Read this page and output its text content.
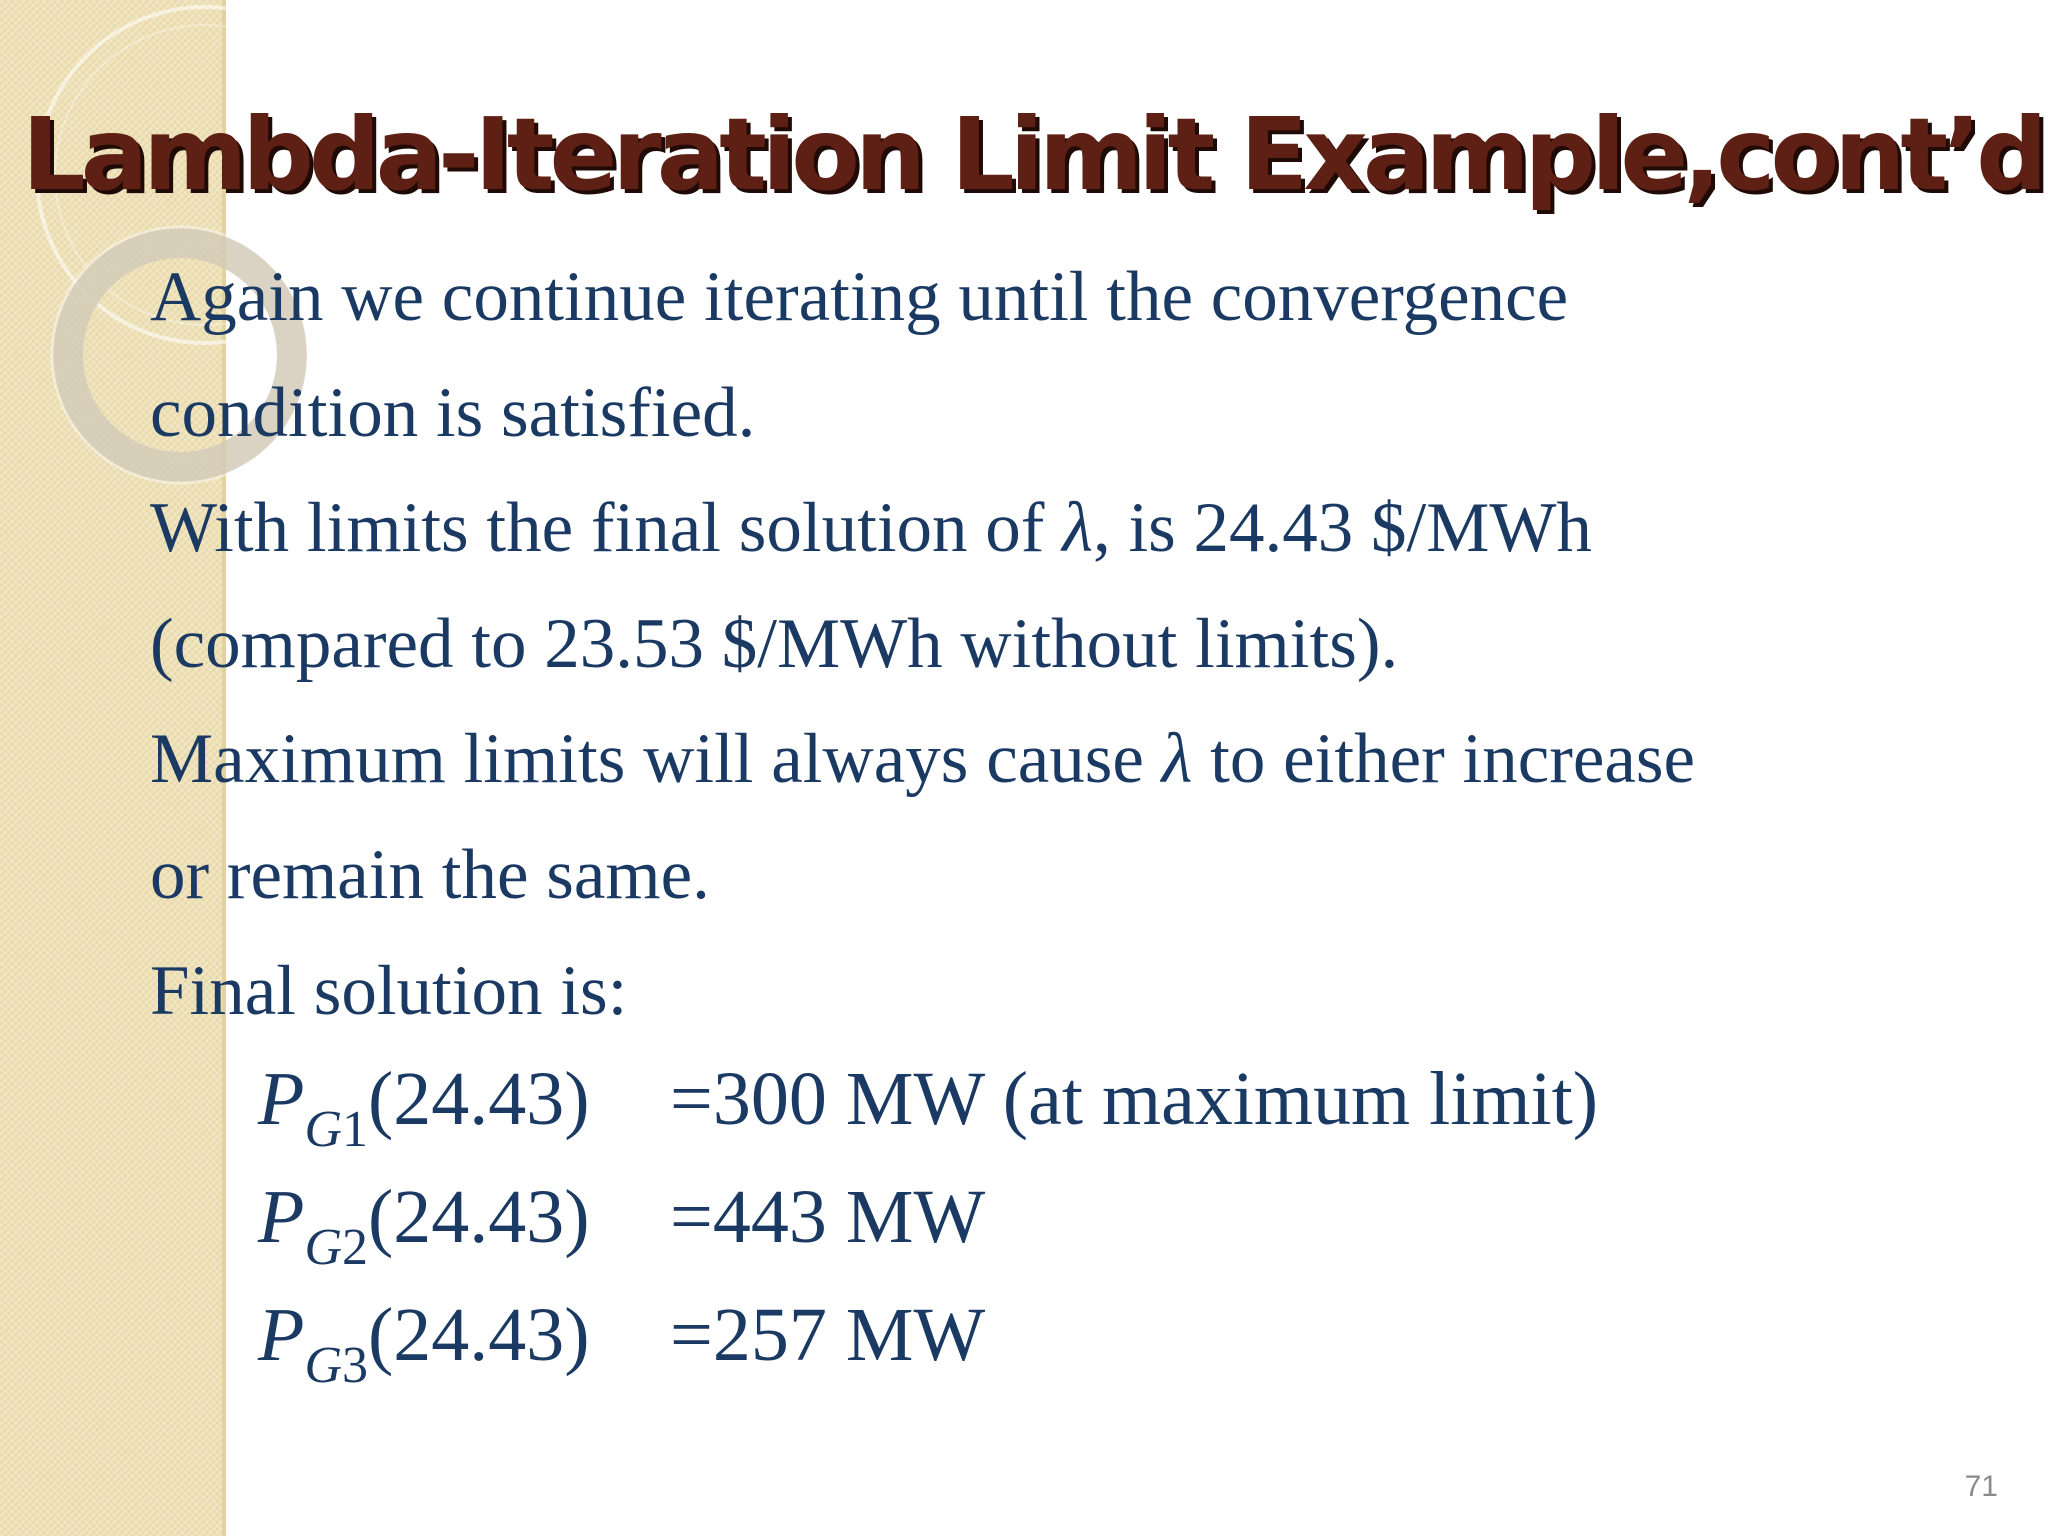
Lambda-Iteration Limit Example,cont’d

Again we continue iterating until the convergence

condition is satisfied.

With limits the final solution of λ, is 24.43 $/MWh

(compared to 23.53 $/MWh without limits).

Maximum limits will always cause λ to either increase

or remain the same.

Final solution is:

$P_{G1}(24.43) =300$ MW (at maximum limit)
$P_{G2}(24.43) =443$ MW
$P_{G3}(24.43) =257$ MW
71
